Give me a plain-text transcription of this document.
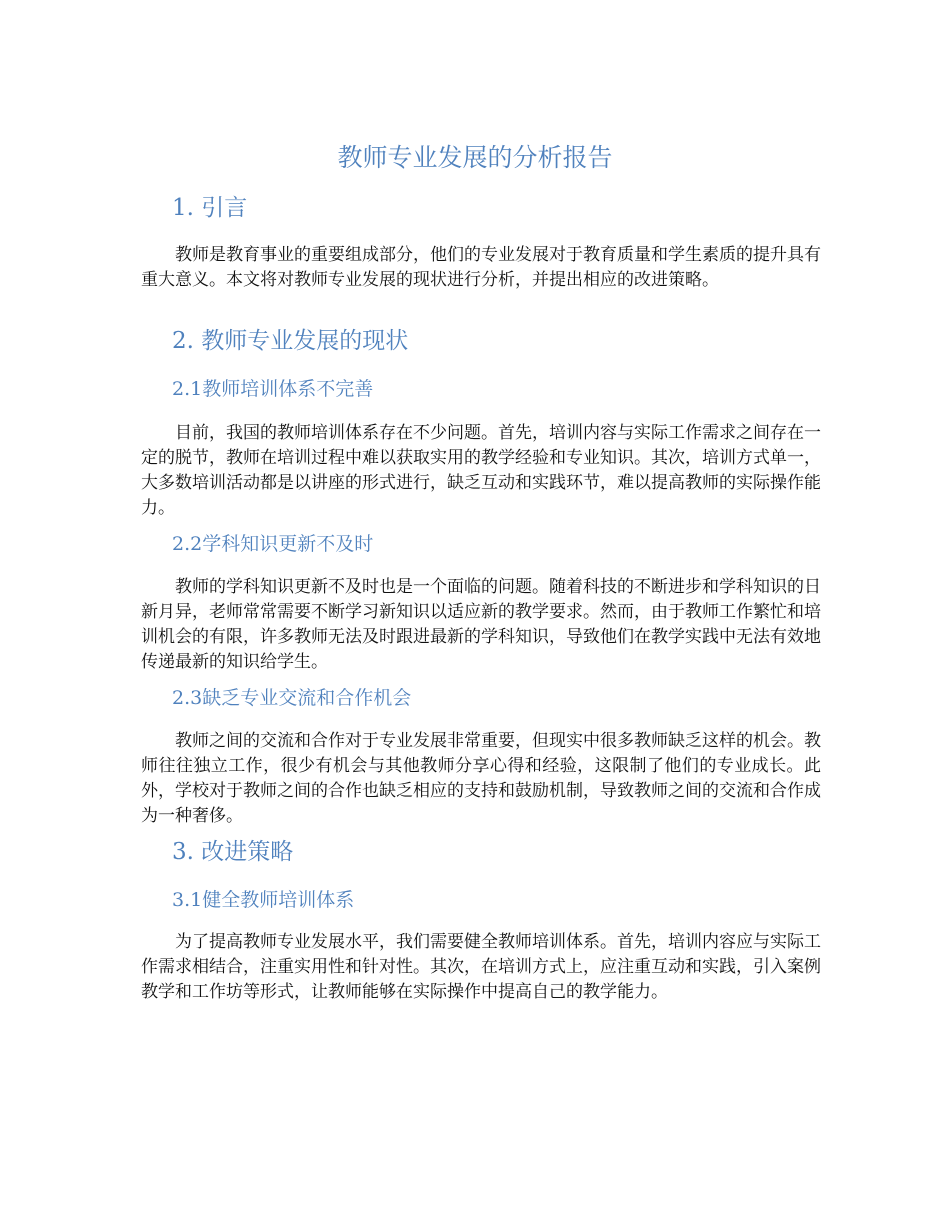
教师专业发展的分析报告
1. 引言

教师是教育事业的重要组成部分，他们的专业发展对于教育质量和学生素质的提升具有重大意义。本文将对教师专业发展的现状进行分析，并提出相应的改进策略。

2. 教师专业发展的现状
2.1教师培训体系不完善

目前，我国的教师培训体系存在不少问题。首先，培训内容与实际工作需求之间存在一定的脱节，教师在培训过程中难以获取实用的教学经验和专业知识。其次，培训方式单一，大多数培训活动都是以讲座的形式进行，缺乏互动和实践环节，难以提高教师的实际操作能力。

2.2学科知识更新不及时

教师的学科知识更新不及时也是一个面临的问题。随着科技的不断进步和学科知识的日新月异，老师常常需要不断学习新知识以适应新的教学要求。然而，由于教师工作繁忙和培训机会的有限，许多教师无法及时跟进最新的学科知识，导致他们在教学实践中无法有效地传递最新的知识给学生。

2.3缺乏专业交流和合作机会

教师之间的交流和合作对于专业发展非常重要，但现实中很多教师缺乏这样的机会。教师往往独立工作，很少有机会与其他教师分享心得和经验，这限制了他们的专业成长。此外，学校对于教师之间的合作也缺乏相应的支持和鼓励机制，导致教师之间的交流和合作成为一种奢侈。

3. 改进策略
3.1健全教师培训体系

为了提高教师专业发展水平，我们需要健全教师培训体系。首先，培训内容应与实际工作需求相结合，注重实用性和针对性。其次，在培训方式上，应注重互动和实践，引入案例教学和工作坊等形式，让教师能够在实际操作中提高自己的教学能力。
